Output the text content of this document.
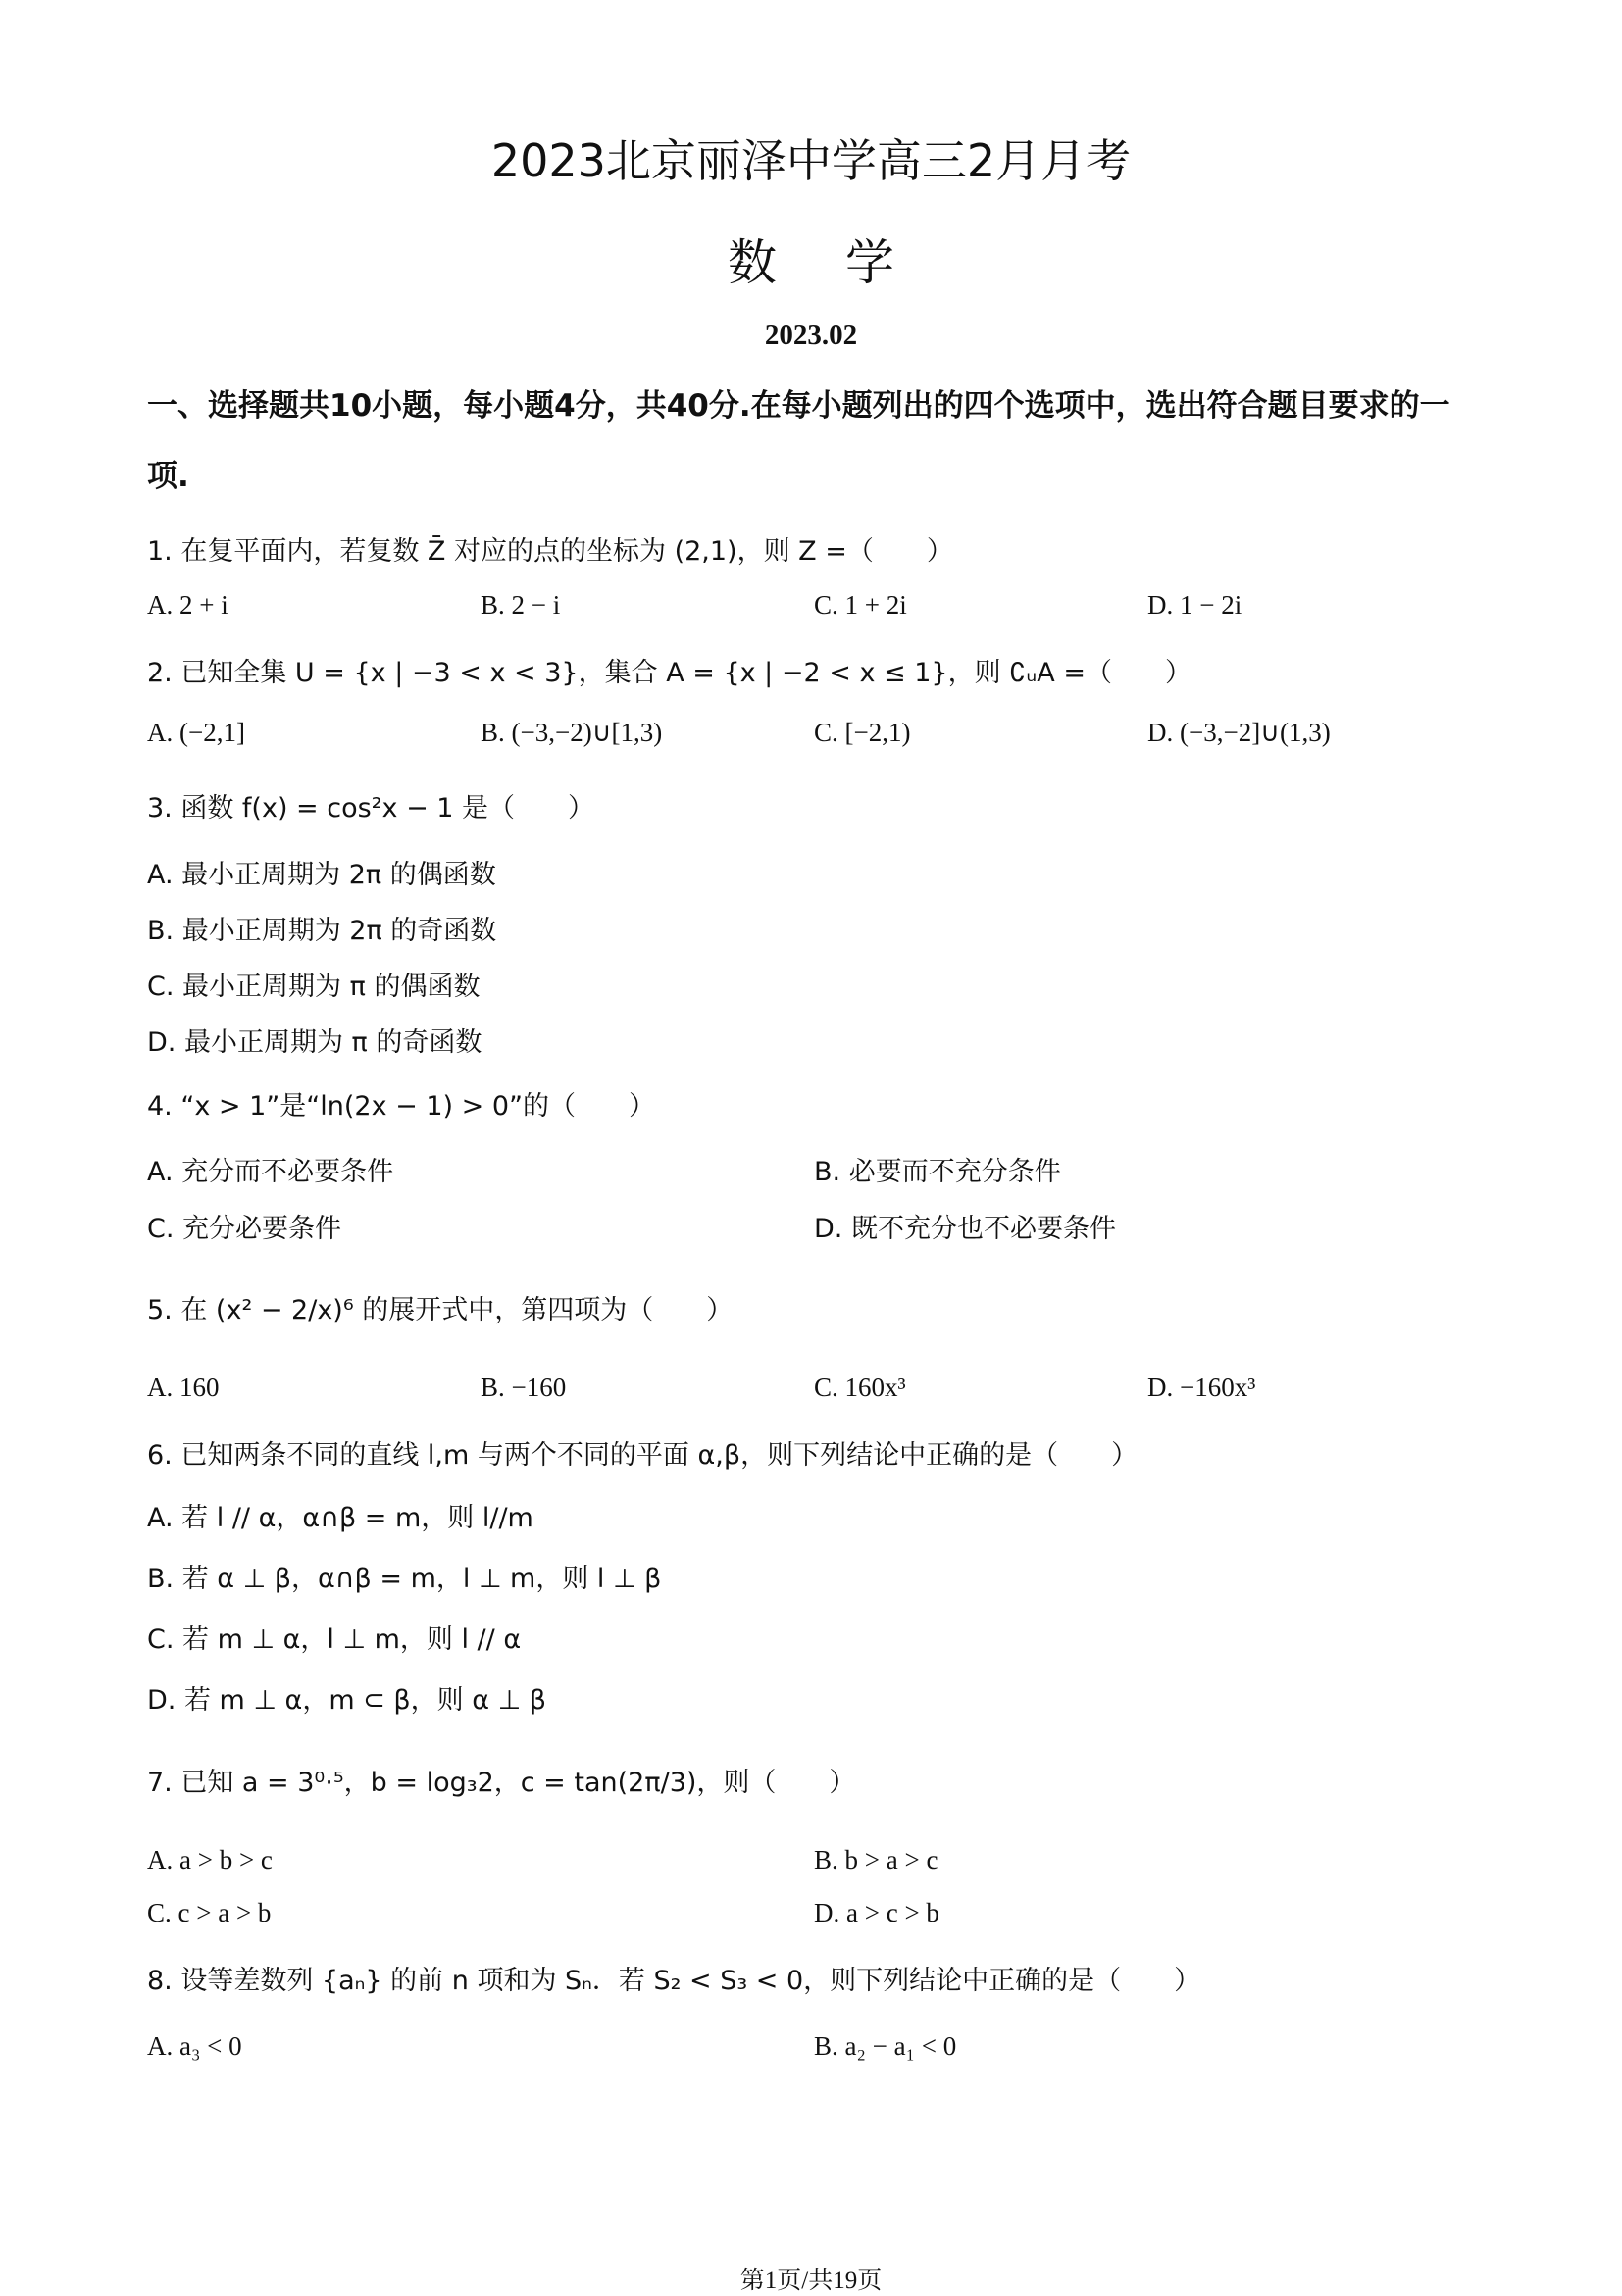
2023北京丽泽中学高三2月月考
数学
2023.02
一、选择题共10小题，每小题4分，共40分.在每小题列出的四个选项中，选出符合题目要求的一项.
1. 在复平面内，若复数 Z̄ 对应的点的坐标为 (2,1)，则 Z =（　　）
A. 2 + i	B. 2 − i	C. 1 + 2i	D. 1 − 2i
2. 已知全集 U = {x | −3 < x < 3}，集合 A = {x | −2 < x ≤ 1}，则 ∁ᵤA =（　　）
A. (−2,1]	B. (−3,−2)∪[1,3)	C. [−2,1)	D. (−3,−2]∪(1,3)
3. 函数 f(x) = cos²x − 1 是（　　）
A. 最小正周期为 2π 的偶函数
B. 最小正周期为 2π 的奇函数
C. 最小正周期为 π 的偶函数
D. 最小正周期为 π 的奇函数
4. “x > 1”是“ln(2x − 1) > 0”的（　　）
A. 充分而不必要条件	B. 必要而不充分条件
C. 充分必要条件	D. 既不充分也不必要条件
5. 在 (x² − 2/x)⁶ 的展开式中，第四项为（　　）
A. 160	B. −160	C. 160x³	D. −160x³
6. 已知两条不同的直线 l,m 与两个不同的平面 α,β，则下列结论中正确的是（　　）
A. 若 l // α，α∩β = m，则 l//m
B. 若 α ⊥ β，α∩β = m，l ⊥ m，则 l ⊥ β
C. 若 m ⊥ α，l ⊥ m，则 l // α
D. 若 m ⊥ α，m ⊂ β，则 α ⊥ β
7. 已知 a = 3⁰·⁵，b = log₃2，c = tan(2π/3)，则（　　）
A. a > b > c	B. b > a > c
C. c > a > b	D. a > c > b
8. 设等差数列 {aₙ} 的前 n 项和为 Sₙ．若 S₂ < S₃ < 0，则下列结论中正确的是（　　）
A. a₃ < 0	B. a₂ − a₁ < 0
第1页/共19页
